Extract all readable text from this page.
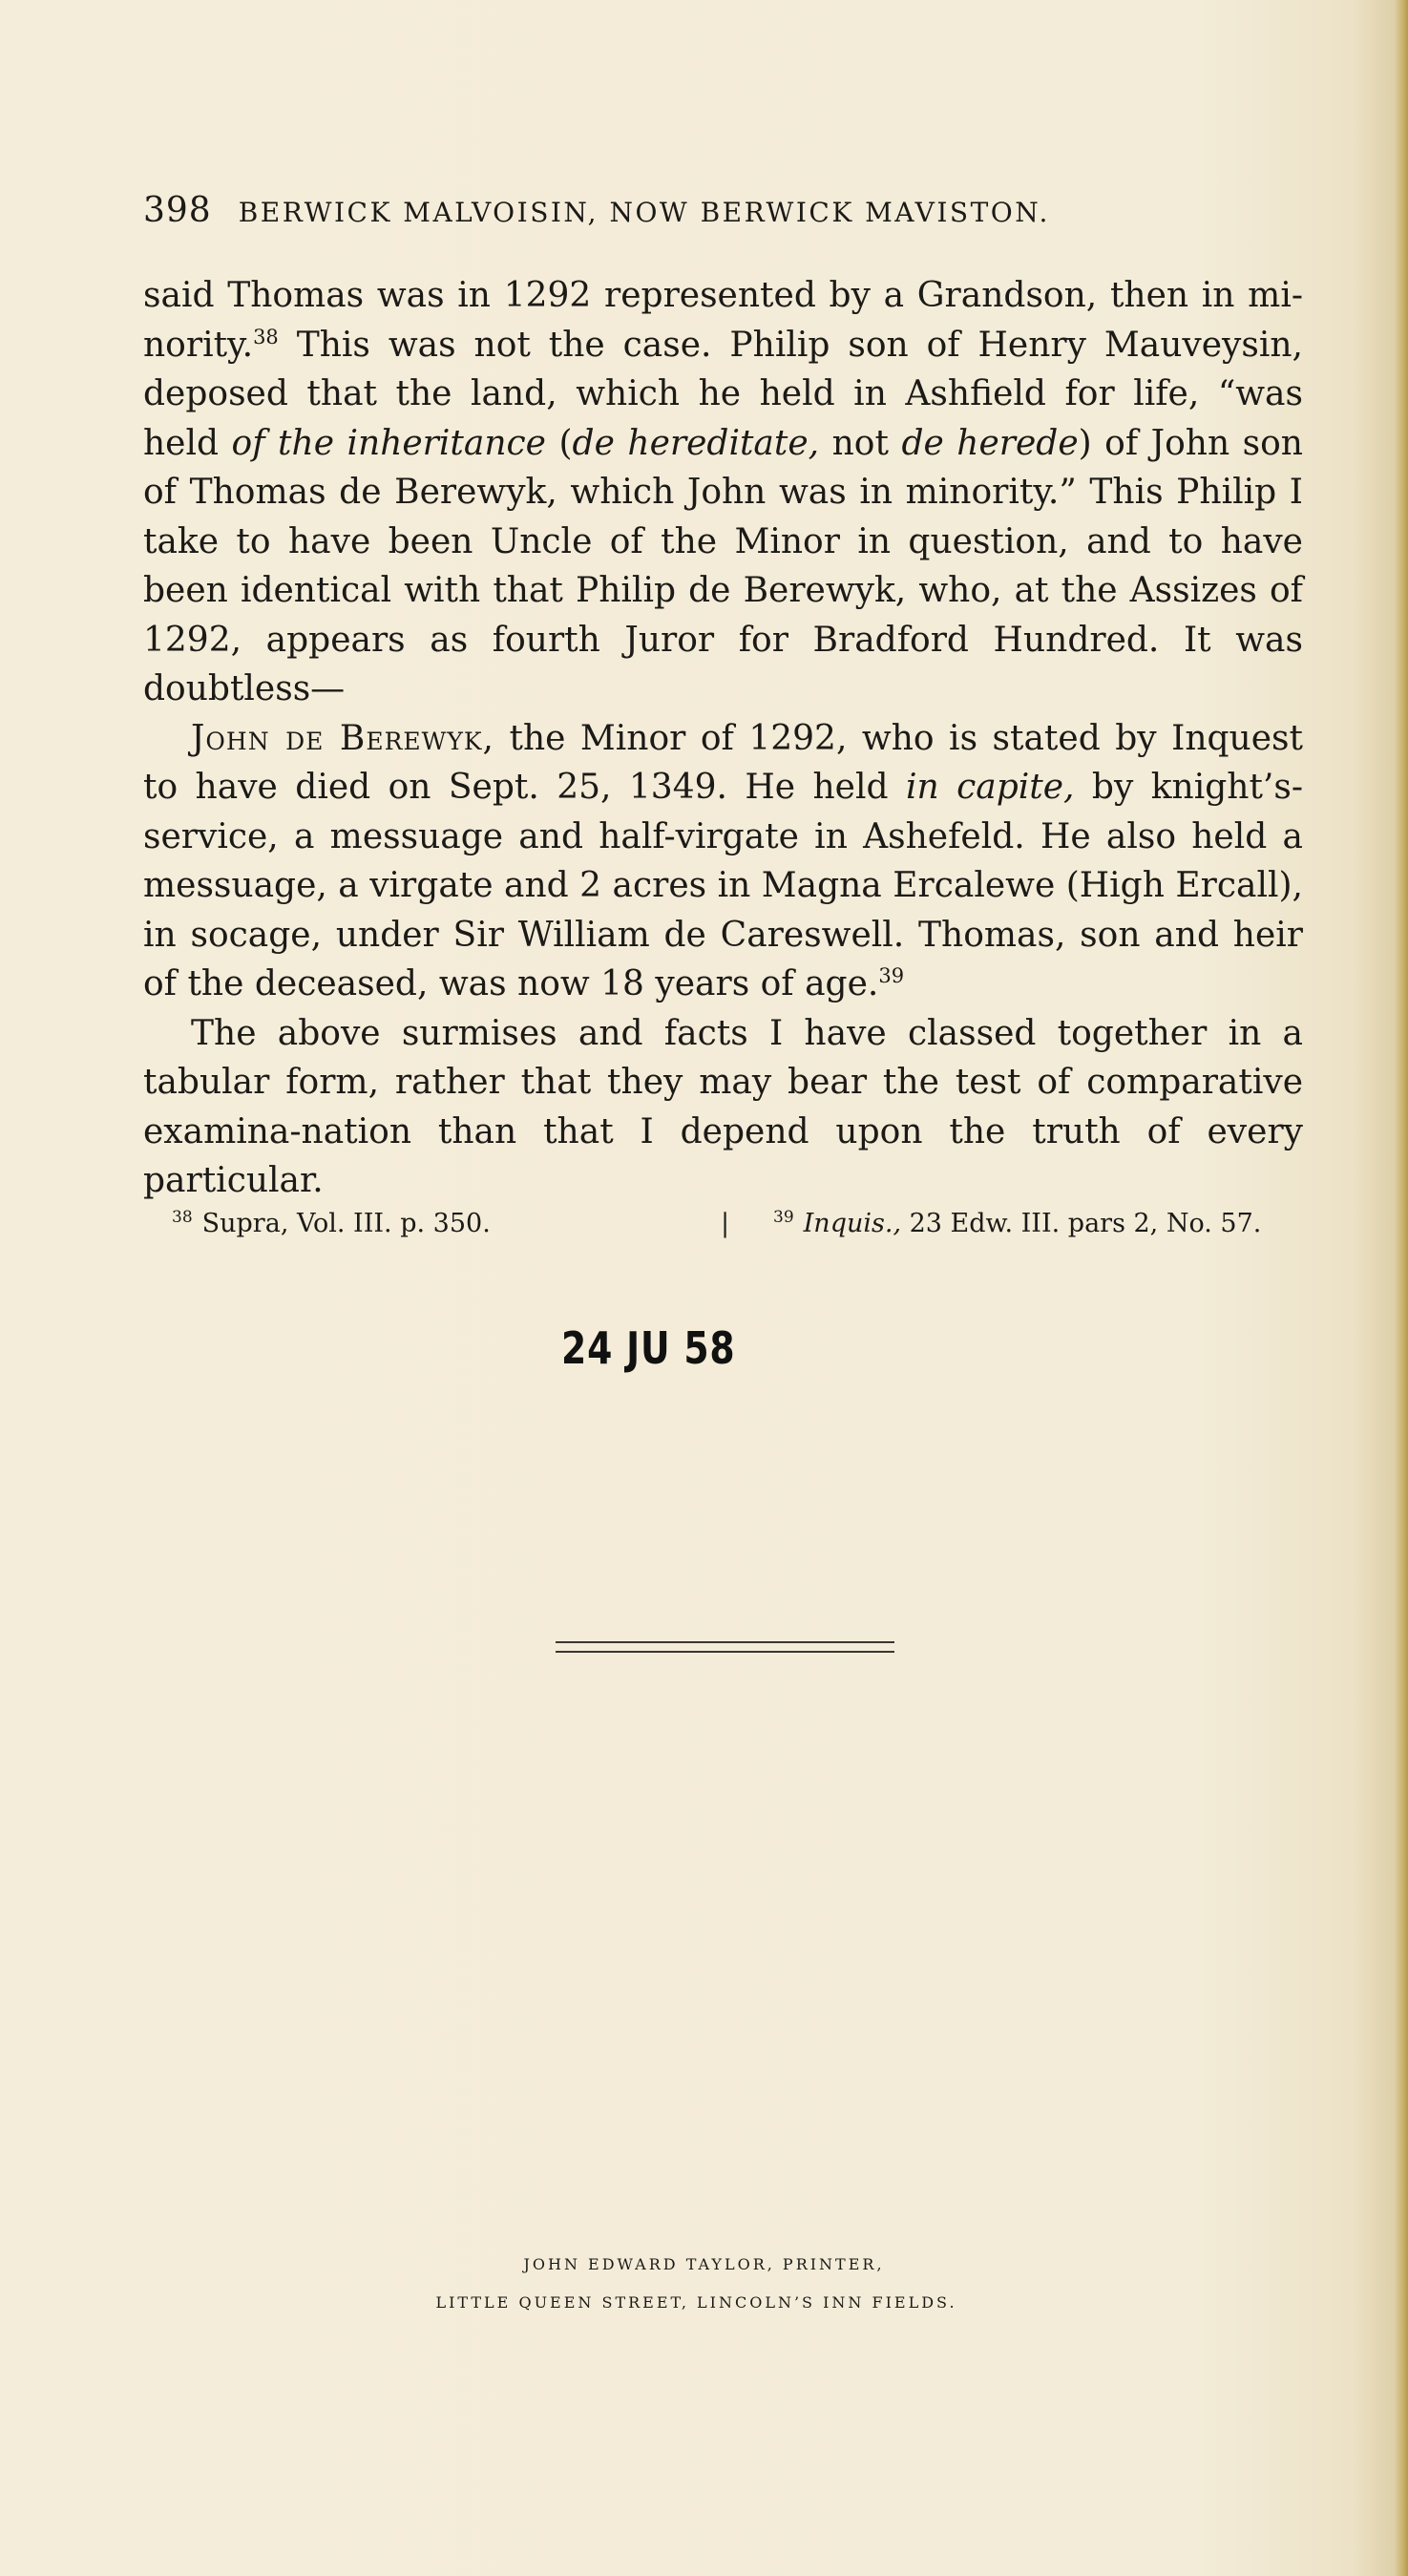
398 BERWICK MALVOISIN, NOW BERWICK MAVISTON.

said Thomas was in 1292 represented by a Grandson, then in mi-nority.$^{38}$ This was not the case. Philip son of Henry Mauveysin, deposed that the land, which he held in Ashfield for life, “was held of the inheritance (de hereditate, not de herede) of John son of Thomas de Berewyk, which John was in minority.” This Philip I take to have been Uncle of the Minor in question, and to have been identical with that Philip de Berewyk, who, at the Assizes of 1292, appears as fourth Juror for Bradford Hundred. It was doubtless—

John de Berewyk, the Minor of 1292, who is stated by Inquest to have died on Sept. 25, 1349. He held in capite, by knight’s-service, a messuage and half-virgate in Ashefeld. He also held a messuage, a virgate and 2 acres in Magna Ercalewe (High Ercall), in socage, under Sir William de Careswell. Thomas, son and heir of the deceased, was now 18 years of age.$^{39}$

The above surmises and facts I have classed together in a tabular form, rather that they may bear the test of comparative examina-nation than that I depend upon the truth of every particular.

$^{38}$ Supra, Vol. III. p. 350.	|	$^{39}$ Inquis., 23 Edw. III. pars 2, No. 57.
24 JU 58
JOHN EDWARD TAYLOR, PRINTER,
LITTLE QUEEN STREET, LINCOLN’S INN FIELDS.
